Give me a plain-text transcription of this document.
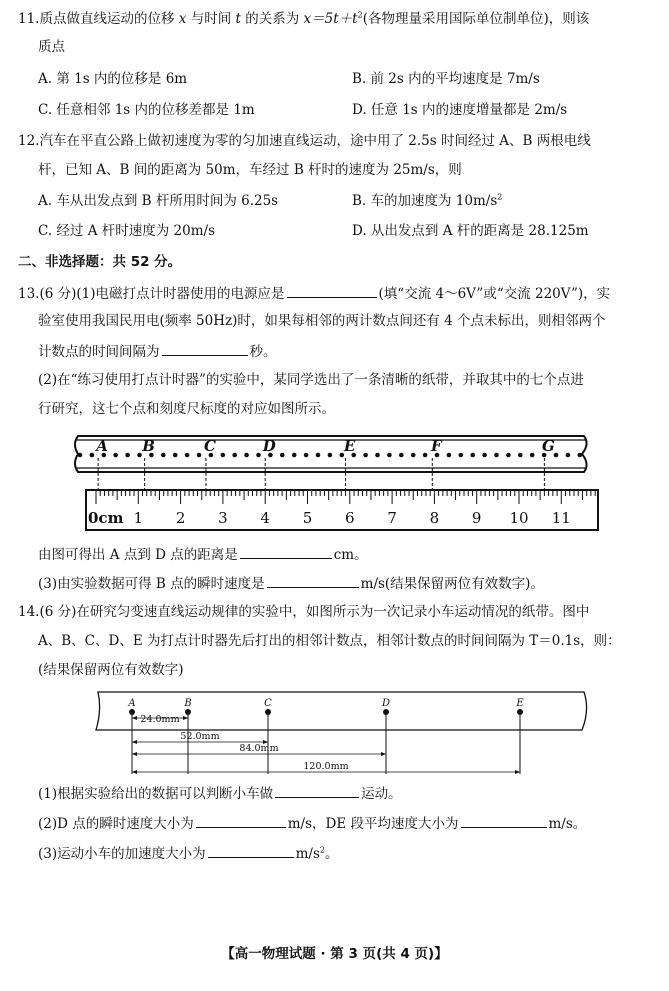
11.质点做直线运动的位移 x 与时间 t 的关系为 $x=5t+t^2$(各物理量采用国际单位制单位)，则该
质点
A. 第 1s 内的位移是 6m	B. 前 2s 内的平均速度是 7m/s
C. 任意相邻 1s 内的位移差都是 1m	D. 任意 1s 内的速度增量都是 2m/s
12.汽车在平直公路上做初速度为零的匀加速直线运动，途中用了 2.5s 时间经过 A、B 两根电线
杆，已知 A、B 间的距离为 50m，车经过 B 杆时的速度为 25m/s，则
A. 车从出发点到 B 杆所用时间为 6.25s	B. 车的加速度为 $10m/s^2$
C. 经过 A 杆时速度为 20m/s	D. 从出发点到 A 杆的距离是 28.125m
二、非选择题：共 52 分。
13.(6 分)(1)电磁打点计时器使用的电源应是	(填“交流 4～6V”或“交流 220V”)，实
验室使用我国民用电(频率 50Hz)时，如果每相邻的两计数点间还有 4 个点未标出，则相邻两个
计数点的时间间隔为	秒。
(2)在“练习使用打点计时器”的实验中，某同学选出了一条清晰的纸带，并取其中的七个点进
行研究，这七个点和刻度尺标度的对应如图所示。
A B	C	D	E	F	G
0cm 1 2 3 4 5 6 7 8 9 10 11
由图可得出 A 点到 D 点的距离是	cm。
(3)由实验数据可得 B 点的瞬时速度是	m/s(结果保留两位有效数字)。
14.(6 分)在研究匀变速直线运动规律的实验中，如图所示为一次记录小车运动情况的纸带。图中
A、B、C、D、E 为打点计时器先后打出的相邻计数点，相邻计数点的时间间隔为 T＝0.1s，则：
(结果保留两位有效数字)
A	B	C	D	E
24.0mm
52.0mm
84.0mm
120.0mm
(1)根据实验给出的数据可以判断小车做	运动。
(2)D 点的瞬时速度大小为	m/s，DE 段平均速度大小为	m/s。
(3)运动小车的加速度大小为	$m/s^2$。
【高一物理试题 · 第 3 页(共 4 页)】
